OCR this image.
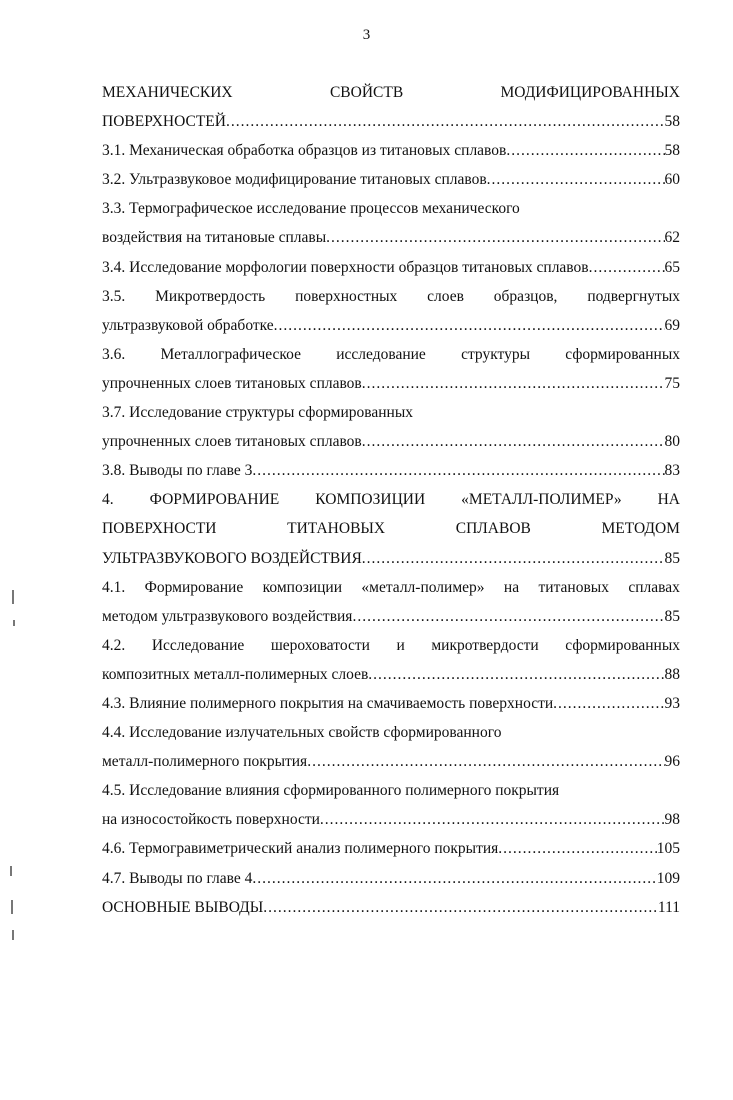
3
МЕХАНИЧЕСКИХ	СВОЙСТВ	МОДИФИЦИРОВАННЫХ
ПОВЕРХНОСТЕЙ .....	58
3.1. Механическая обработка образцов из титановых сплавов .....	58
3.2. Ультразвуковое модифицирование титановых сплавов .....	60
3.3. Термографическое исследование процессов механического
воздействия на титановые сплавы .....	62
3.4. Исследование морфологии поверхности образцов титановых сплавов .....	65
3.5. Микротвердость поверхностных слоев образцов, подвергнутых
ультразвуковой обработке .....	69
3.6. Металлографическое исследование структуры сформированных
упрочненных слоев титановых сплавов .....	75
3.7. Исследование структуры сформированных
упрочненных слоев титановых сплавов .....	80
3.8. Выводы по главе 3 .....	83
4. ФОРМИРОВАНИЕ КОМПОЗИЦИИ «МЕТАЛЛ-ПОЛИМЕР» НА
ПОВЕРХНОСТИ	ТИТАНОВЫХ	СПЛАВОВ	МЕТОДОМ
УЛЬТРАЗВУКОВОГО ВОЗДЕЙСТВИЯ .....	85
4.1. Формирование композиции «металл-полимер» на титановых сплавах
методом ультразвукового воздействия .....	85
4.2. Исследование шероховатости и микротвердости сформированных
композитных металл-полимерных слоев .....	88
4.3. Влияние полимерного покрытия на смачиваемость поверхности .....	93
4.4. Исследование излучательных свойств сформированного
металл-полимерного покрытия .....	96
4.5. Исследование влияния сформированного полимерного покрытия
на износостойкость поверхности .....	98
4.6. Термогравиметрический анализ полимерного покрытия .....	105
4.7. Выводы по главе 4 .....	109
ОСНОВНЫЕ ВЫВОДЫ .....	111
